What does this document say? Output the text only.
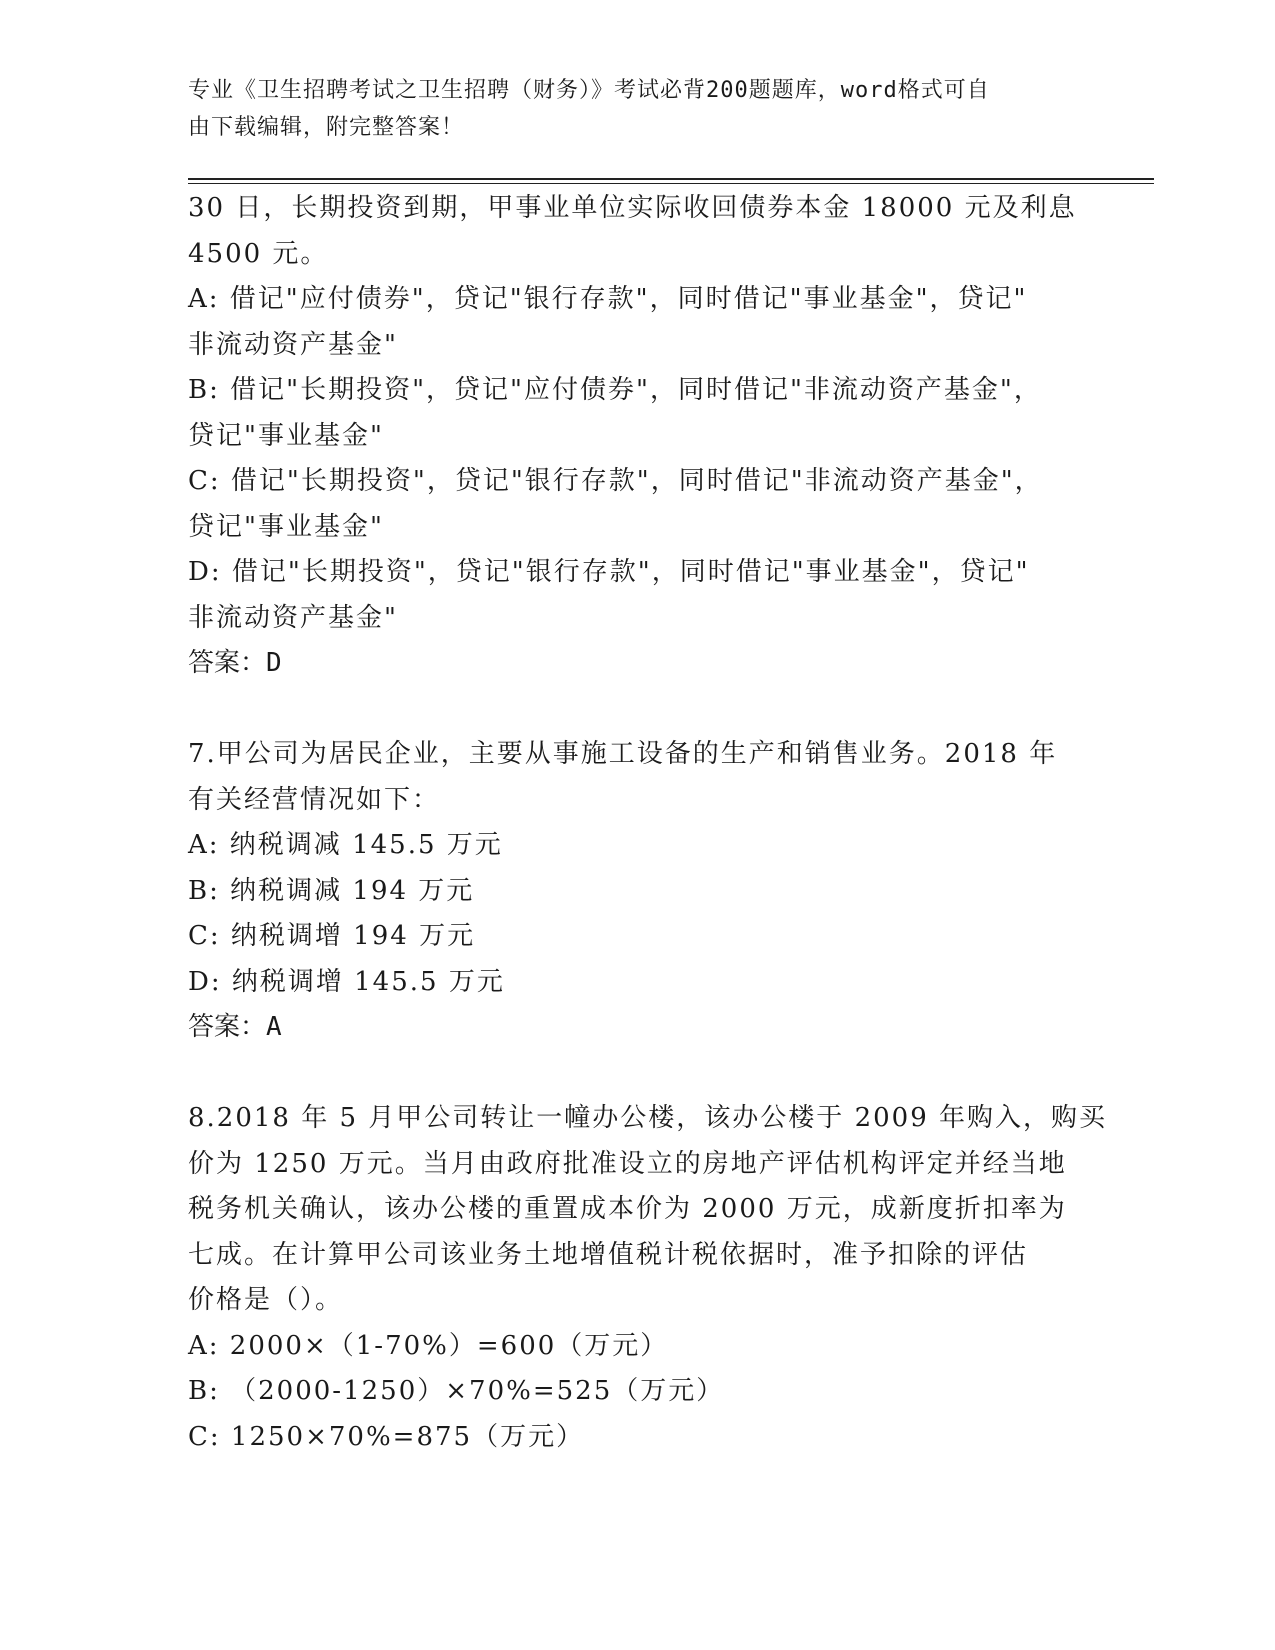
专业《卫生招聘考试之卫生招聘（财务）》考试必背200题题库，word格式可自
由下载编辑，附完整答案！
30 日，长期投资到期，甲事业单位实际收回债券本金 18000 元及利息
4500 元。
A: 借记"应付债券"，贷记"银行存款"，同时借记"事业基金"，贷记"
非流动资产基金"
B: 借记"长期投资"，贷记"应付债券"，同时借记"非流动资产基金"，
贷记"事业基金"
C: 借记"长期投资"，贷记"银行存款"，同时借记"非流动资产基金"，
贷记"事业基金"
D: 借记"长期投资"，贷记"银行存款"，同时借记"事业基金"，贷记"
非流动资产基金"
答案：D
7.甲公司为居民企业，主要从事施工设备的生产和销售业务。2018 年
有关经营情况如下：
A: 纳税调减 145.5 万元
B: 纳税调减 194 万元
C: 纳税调增 194 万元
D: 纳税调增 145.5 万元
答案：A
8.2018 年 5 月甲公司转让一幢办公楼，该办公楼于 2009 年购入，购买
价为 1250 万元。当月由政府批准设立的房地产评估机构评定并经当地
税务机关确认，该办公楼的重置成本价为 2000 万元，成新度折扣率为
七成。在计算甲公司该业务土地增值税计税依据时，准予扣除的评估
价格是（）。
A: 2000×（1-70%）=600（万元）
B: （2000-1250）×70%=525（万元）
C: 1250×70%=875（万元）
